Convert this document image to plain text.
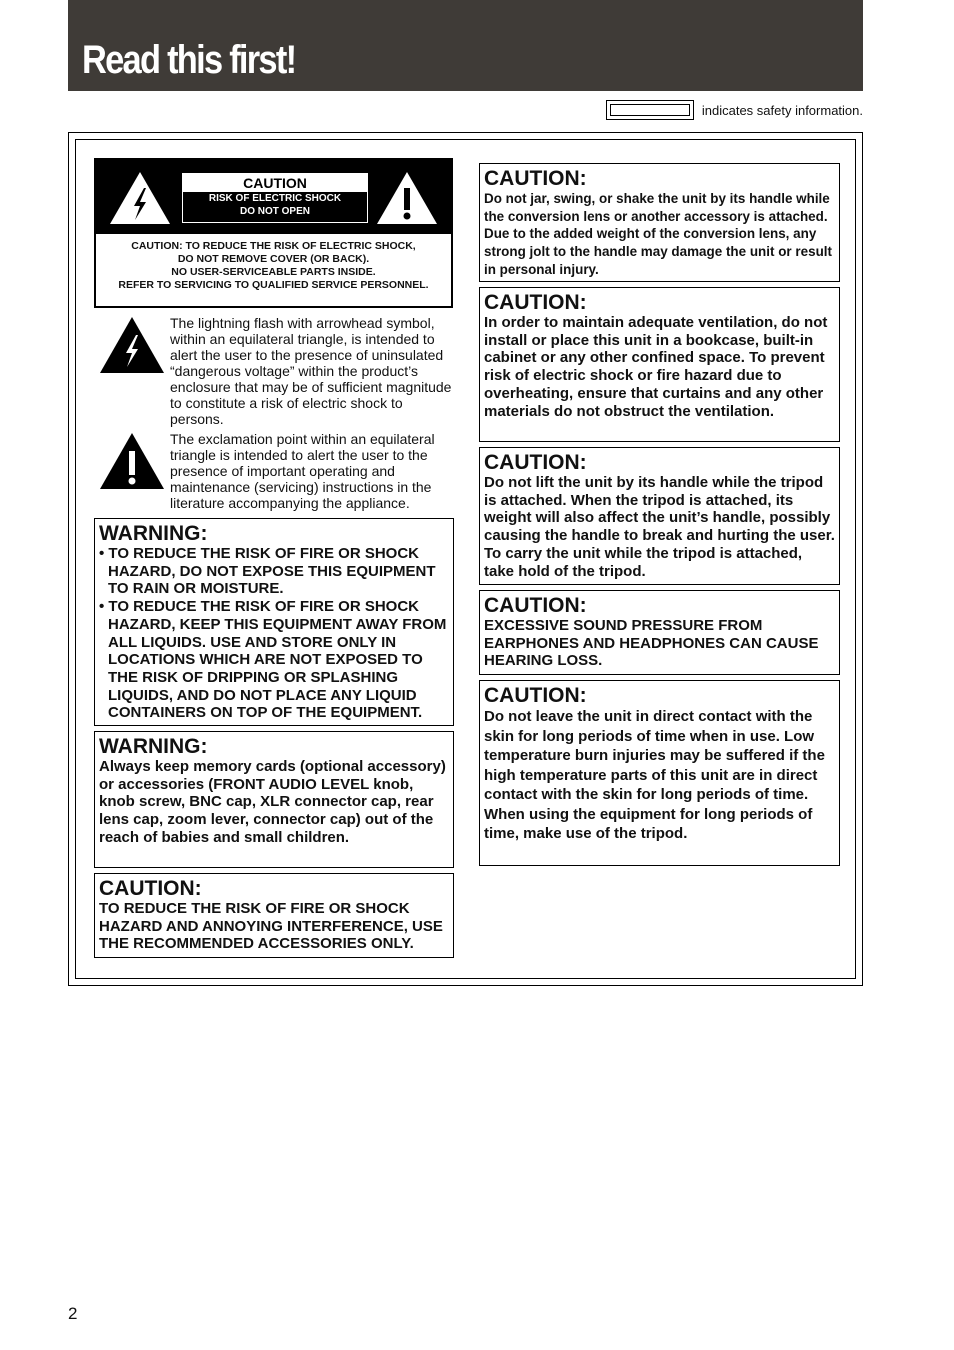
Read this first!
indicates safety information.
CAUTION
RISK OF ELECTRIC SHOCK
DO NOT OPEN
CAUTION: TO REDUCE THE RISK OF ELECTRIC SHOCK,
DO NOT REMOVE COVER (OR BACK).
NO USER-SERVICEABLE PARTS INSIDE.
REFER TO SERVICING TO QUALIFIED SERVICE PERSONNEL.

The lightning flash with arrowhead symbol, within an equilateral triangle, is intended to alert the user to the presence of uninsulated “dangerous voltage” within the product’s enclosure that may be of sufficient magnitude to constitute a risk of electric shock to persons.

The exclamation point within an equilateral triangle is intended to alert the user to the presence of important operating and maintenance (servicing) instructions in the literature accompanying the appliance.

WARNING:
• TO REDUCE THE RISK OF FIRE OR SHOCK HAZARD, DO NOT EXPOSE THIS EQUIPMENT TO RAIN OR MOISTURE.
• TO REDUCE THE RISK OF FIRE OR SHOCK HAZARD, KEEP THIS EQUIPMENT AWAY FROM ALL LIQUIDS. USE AND STORE ONLY IN LOCATIONS WHICH ARE NOT EXPOSED TO THE RISK OF DRIPPING OR SPLASHING LIQUIDS, AND DO NOT PLACE ANY LIQUID CONTAINERS ON TOP OF THE EQUIPMENT.
WARNING:
Always keep memory cards (optional accessory) or accessories (FRONT AUDIO LEVEL knob, knob screw, BNC cap, XLR connector cap, rear lens cap, zoom lever, connector cap) out of the reach of babies and small children.
CAUTION:
TO REDUCE THE RISK OF FIRE OR SHOCK HAZARD AND ANNOYING INTERFERENCE, USE THE RECOMMENDED ACCESSORIES ONLY.
CAUTION:
Do not jar, swing, or shake the unit by its handle while the conversion lens or another accessory is attached. Due to the added weight of the conversion lens, any strong jolt to the handle may damage the unit or result in personal injury.
CAUTION:
In order to maintain adequate ventilation, do not install or place this unit in a bookcase, built-in cabinet or any other confined space. To prevent risk of electric shock or fire hazard due to overheating, ensure that curtains and any other materials do not obstruct the ventilation.
CAUTION:
Do not lift the unit by its handle while the tripod is attached. When the tripod is attached, its weight will also affect the unit’s handle, possibly causing the handle to break and hurting the user. To carry the unit while the tripod is attached, take hold of the tripod.
CAUTION:
EXCESSIVE SOUND PRESSURE FROM EARPHONES AND HEADPHONES CAN CAUSE HEARING LOSS.
CAUTION:
Do not leave the unit in direct contact with the skin for long periods of time when in use. Low temperature burn injuries may be suffered if the high temperature parts of this unit are in direct contact with the skin for long periods of time.
When using the equipment for long periods of time, make use of the tripod.
2
